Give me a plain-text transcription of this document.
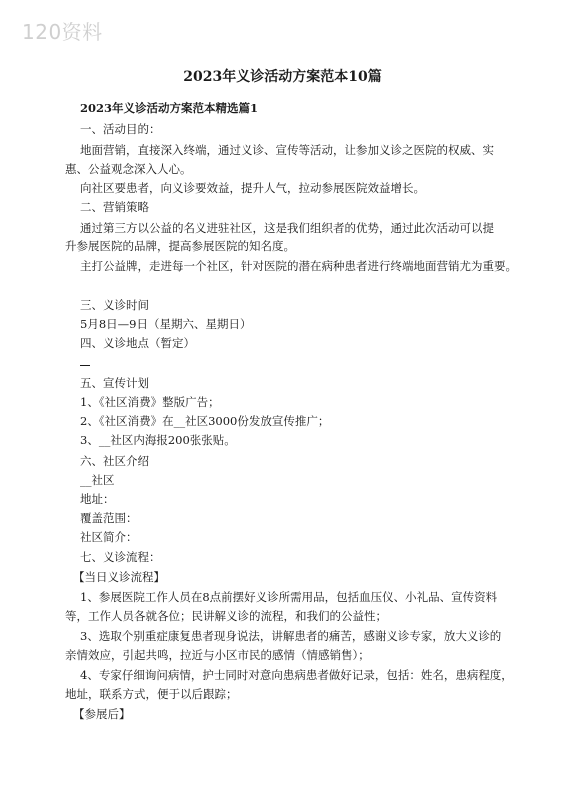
120资料
2023年义诊活动方案范本10篇
2023年义诊活动方案范本精选篇1
一、活动目的：
地面营销，直接深入终端，通过义诊、宣传等活动，让参加义诊之医院的权威、实
惠、公益观念深入人心。
向社区要患者，向义诊要效益，提升人气，拉动参展医院效益增长。
二、营销策略
通过第三方以公益的名义进驻社区，这是我们组织者的优势，通过此次活动可以提
升参展医院的品牌，提高参展医院的知名度。
主打公益牌，走进每一个社区，针对医院的潜在病种患者进行终端地面营销尤为重要。
三、义诊时间
5月8日—9日（星期六、星期日）
四、义诊地点（暂定）
五、宣传计划
1、《社区消费》整版广告；
2、《社区消费》在__社区3000份发放宣传推广；
3、__社区内海报200张张贴。
六、社区介绍
__社区
地址：
覆盖范围：
社区简介：
七、义诊流程：
【当日义诊流程】
1、参展医院工作人员在8点前摆好义诊所需用品，包括血压仪、小礼品、宣传资料
等，工作人员各就各位；民讲解义诊的流程，和我们的公益性；
3、选取个别重症康复患者现身说法，讲解患者的痛苦，感谢义诊专家，放大义诊的
亲情效应，引起共鸣，拉近与小区市民的感情（情感销售）；
4、专家仔细询问病情，护士同时对意向患病患者做好记录，包括：姓名，患病程度，
地址，联系方式，便于以后跟踪；
【参展后】
